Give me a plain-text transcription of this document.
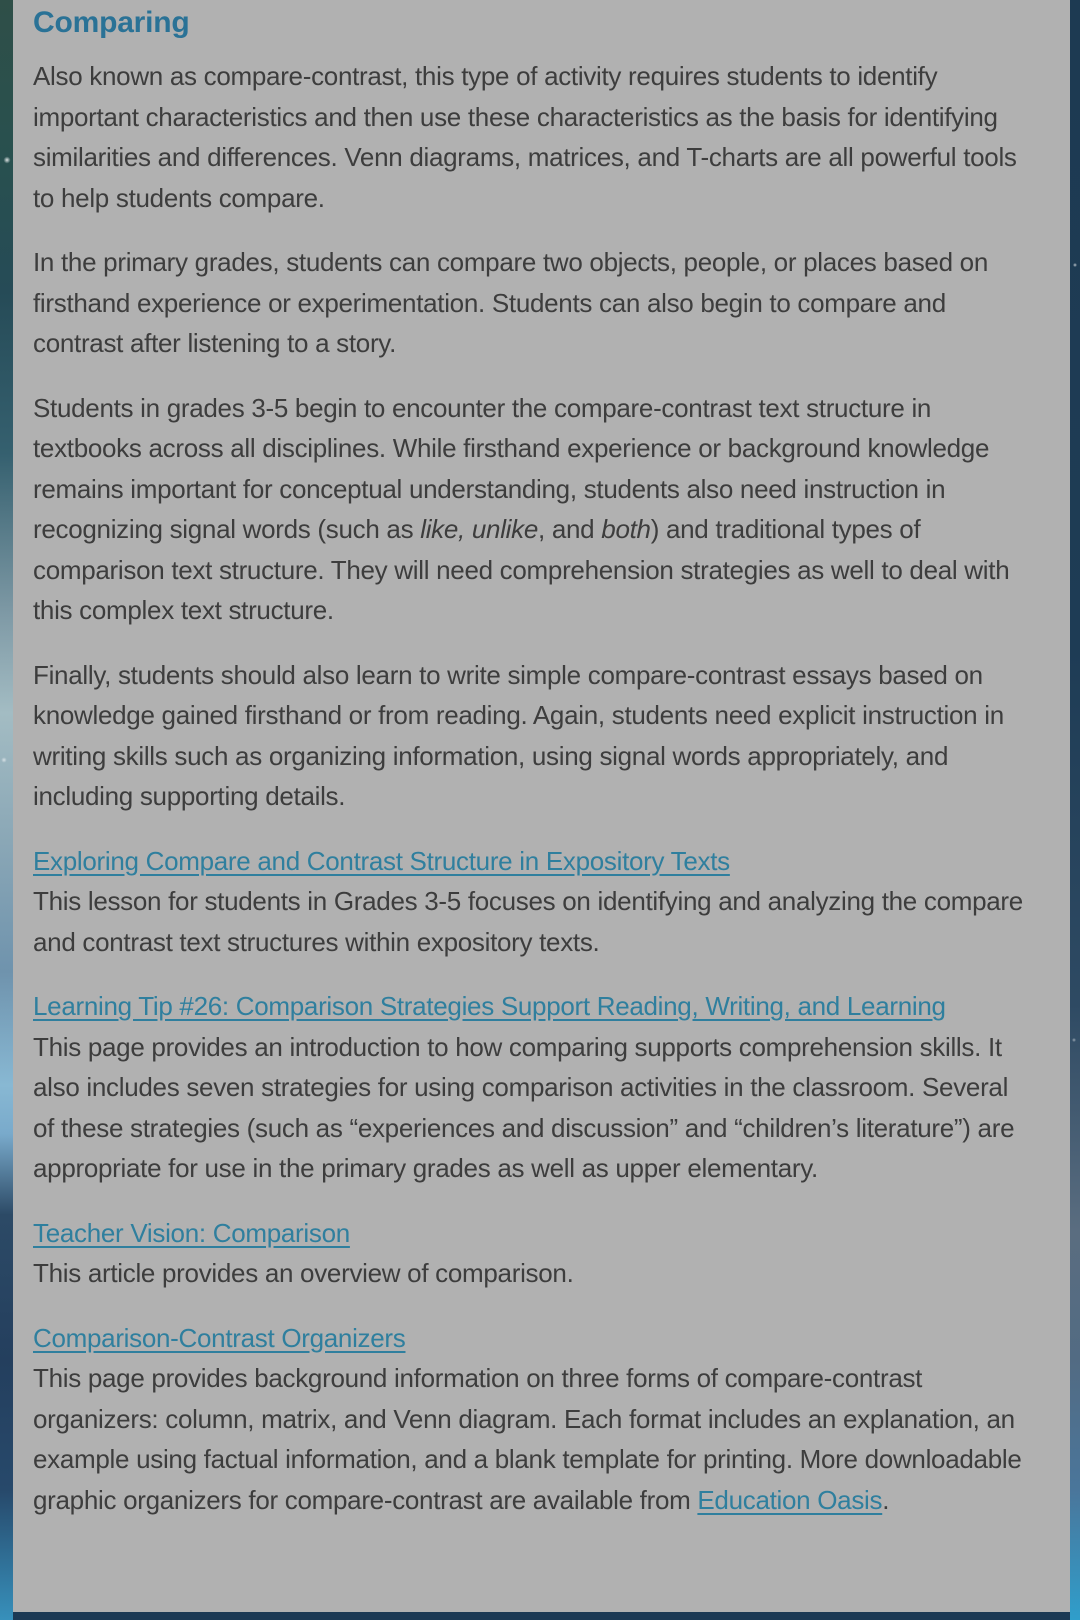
Comparing

Also known as compare-contrast, this type of activity requires students to identify important characteristics and then use these characteristics as the basis for identifying similarities and differences. Venn diagrams, matrices, and T-charts are all powerful tools to help students compare.

In the primary grades, students can compare two objects, people, or places based on firsthand experience or experimentation. Students can also begin to compare and contrast after listening to a story.

Students in grades 3-5 begin to encounter the compare-contrast text structure in textbooks across all disciplines. While firsthand experience or background knowledge remains important for conceptual understanding, students also need instruction in recognizing signal words (such as like, unlike, and both) and traditional types of comparison text structure. They will need comprehension strategies as well to deal with this complex text structure.

Finally, students should also learn to write simple compare-contrast essays based on knowledge gained firsthand or from reading. Again, students need explicit instruction in writing skills such as organizing information, using signal words appropriately, and including supporting details.

Exploring Compare and Contrast Structure in Expository Texts

This lesson for students in Grades 3-5 focuses on identifying and analyzing the compare and contrast text structures within expository texts.

Learning Tip #26: Comparison Strategies Support Reading, Writing, and Learning

This page provides an introduction to how comparing supports comprehension skills. It also includes seven strategies for using comparison activities in the classroom. Several of these strategies (such as “experiences and discussion” and “children’s literature”) are appropriate for use in the primary grades as well as upper elementary.

Teacher Vision: Comparison

This article provides an overview of comparison.

Comparison-Contrast Organizers

This page provides background information on three forms of compare-contrast organizers: column, matrix, and Venn diagram. Each format includes an explanation, an example using factual information, and a blank template for printing. More downloadable graphic organizers for compare-contrast are available from Education Oasis.
